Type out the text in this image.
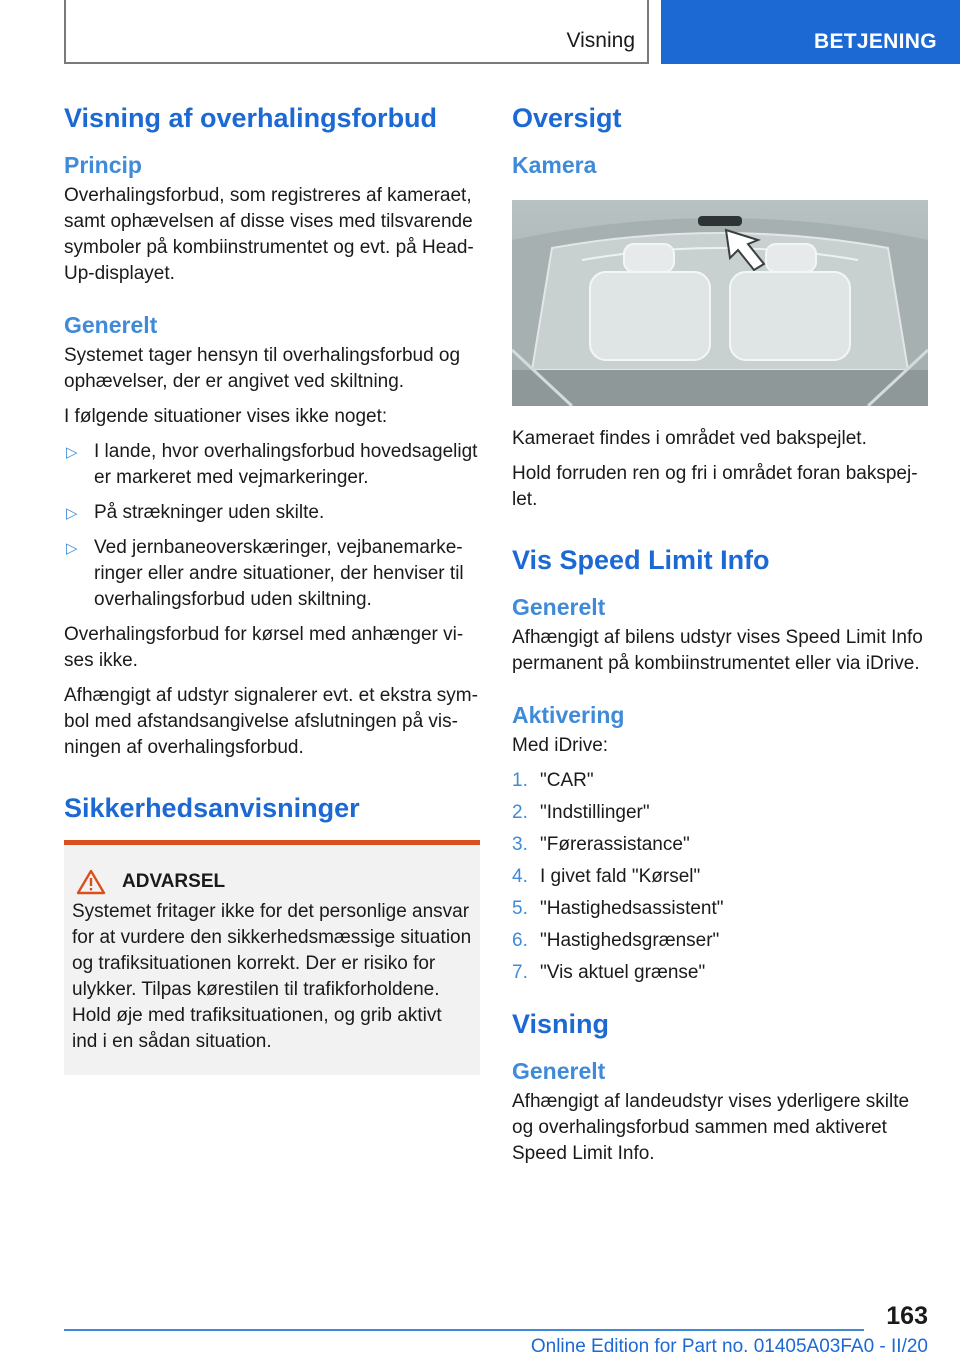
Visning	BETJENING
Visning af overhalingsforbud
Princip
Overhalingsforbud, som registreres af kameraet, samt ophævelsen af disse vises med tilsvarende symboler på kombiinstrumentet og evt. på Head-Up-displayet.
Generelt
Systemet tager hensyn til overhalingsforbud og ophævelser, der er angivet ved skiltning.
I følgende situationer vises ikke noget:
▷ I lande, hvor overhalingsforbud hovedsageligt er markeret med vejmarkeringer.
▷ På strækninger uden skilte.
▷ Ved jernbaneoverskæringer, vejbanemarke-ringer eller andre situationer, der henviser til overhalingsforbud uden skiltning.
Overhalingsforbud for kørsel med anhænger vi-ses ikke.
Afhængigt af udstyr signalerer evt. et ekstra sym-bol med afstandsangivelse afslutningen på vis-ningen af overhalingsforbud.
Sikkerhedsanvisninger
ADVARSEL
Systemet fritager ikke for det personlige ansvar for at vurdere den sikkerhedsmæssige situation og trafiksituationen korrekt. Der er risiko for ulykker. Tilpas kørestilen til trafikforholdene. Hold øje med trafiksituationen, og grib aktivt ind i en sådan situation.
Oversigt
Kamera
Kameraet findes i området ved bakspejlet.
Hold forruden ren og fri i området foran bakspej-let.
Vis Speed Limit Info
Generelt
Afhængigt af bilens udstyr vises Speed Limit Info permanent på kombiinstrumentet eller via iDrive.
Aktivering
Med iDrive:
1. "CAR"
2. "Indstillinger"
3. "Førerassistance"
4. I givet fald "Kørsel"
5. "Hastighedsassistent"
6. "Hastighedsgrænser"
7. "Vis aktuel grænse"
Visning
Generelt
Afhængigt af landeudstyr vises yderligere skilte og overhalingsforbud sammen med aktiveret Speed Limit Info.
163
Online Edition for Part no. 01405A03FA0 - II/20
